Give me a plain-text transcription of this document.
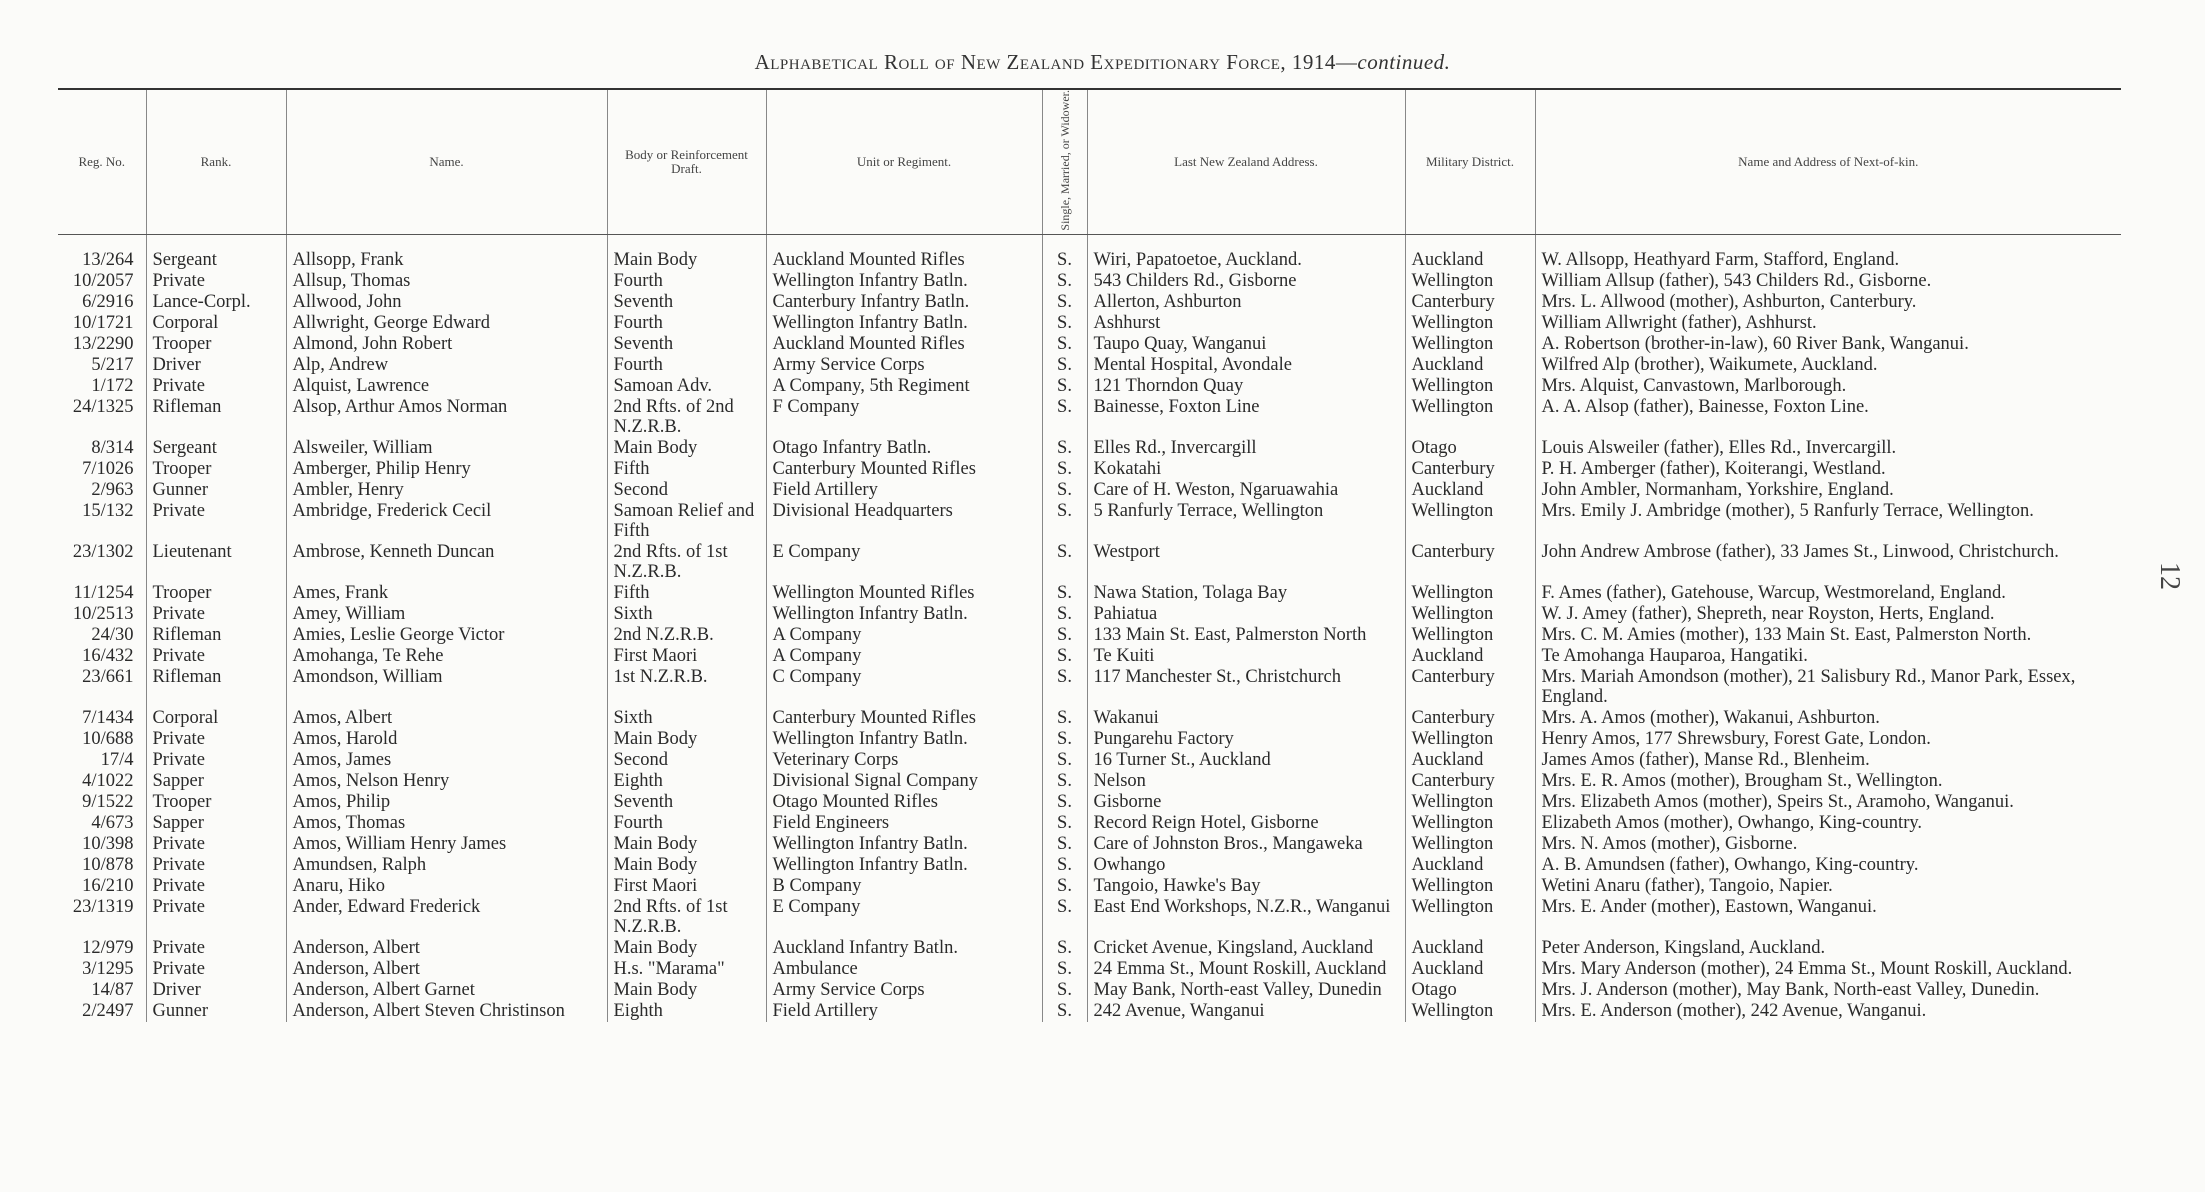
Alphabetical Roll of New Zealand Expeditionary Force, 1914—continued.
12
Reg. No.	Rank.	Name.	Body or Reinforcement Draft.	Unit or Regiment.	Single, Married, or Widower.	Last New Zealand Address.	Military District.	Name and Address of Next-of-kin.

13/264	Sergeant	Allsopp, Frank	Main Body	Auckland Mounted Rifles	S.	Wiri, Papatoetoe, Auckland.	Auckland	W. Allsopp, Heathyard Farm, Stafford, England.
10/2057	Private	Allsup, Thomas	Fourth	Wellington Infantry Batln.	S.	543 Childers Rd., Gisborne	Wellington	William Allsup (father), 543 Childers Rd., Gisborne.
6/2916	Lance-Corpl.	Allwood, John	Seventh	Canterbury Infantry Batln.	S.	Allerton, Ashburton	Canterbury	Mrs. L. Allwood (mother), Ashburton, Canterbury.
10/1721	Corporal	Allwright, George Edward	Fourth	Wellington Infantry Batln.	S.	Ashhurst	Wellington	William Allwright (father), Ashhurst.
13/2290	Trooper	Almond, John Robert	Seventh	Auckland Mounted Rifles	S.	Taupo Quay, Wanganui	Wellington	A. Robertson (brother-in-law), 60 River Bank, Wanganui.
5/217	Driver	Alp, Andrew	Fourth	Army Service Corps	S.	Mental Hospital, Avondale	Auckland	Wilfred Alp (brother), Waikumete, Auckland.
1/172	Private	Alquist, Lawrence	Samoan Adv.	A Company, 5th Regiment	S.	121 Thorndon Quay	Wellington	Mrs. Alquist, Canvastown, Marlborough.
24/1325	Rifleman	Alsop, Arthur Amos Norman	2nd Rfts. of 2nd N.Z.R.B.	F Company	S.	Bainesse, Foxton Line	Wellington	A. A. Alsop (father), Bainesse, Foxton Line.
8/314	Sergeant	Alsweiler, William	Main Body	Otago Infantry Batln.	S.	Elles Rd., Invercargill	Otago	Louis Alsweiler (father), Elles Rd., Invercargill.
7/1026	Trooper	Amberger, Philip Henry	Fifth	Canterbury Mounted Rifles	S.	Kokatahi	Canterbury	P. H. Amberger (father), Koiterangi, Westland.
2/963	Gunner	Ambler, Henry	Second	Field Artillery	S.	Care of H. Weston, Ngaruawahia	Auckland	John Ambler, Normanham, Yorkshire, England.
15/132	Private	Ambridge, Frederick Cecil	Samoan Relief and Fifth	Divisional Headquarters	S.	5 Ranfurly Terrace, Wellington	Wellington	Mrs. Emily J. Ambridge (mother), 5 Ranfurly Terrace, Wellington.
23/1302	Lieutenant	Ambrose, Kenneth Duncan	2nd Rfts. of 1st N.Z.R.B.	E Company	S.	Westport	Canterbury	John Andrew Ambrose (father), 33 James St., Linwood, Christchurch.
11/1254	Trooper	Ames, Frank	Fifth	Wellington Mounted Rifles	S.	Nawa Station, Tolaga Bay	Wellington	F. Ames (father), Gatehouse, Warcup, Westmoreland, England.
10/2513	Private	Amey, William	Sixth	Wellington Infantry Batln.	S.	Pahiatua	Wellington	W. J. Amey (father), Shepreth, near Royston, Herts, England.
24/30	Rifleman	Amies, Leslie George Victor	2nd N.Z.R.B.	A Company	S.	133 Main St. East, Palmerston North	Wellington	Mrs. C. M. Amies (mother), 133 Main St. East, Palmerston North.
16/432	Private	Amohanga, Te Rehe	First Maori	A Company	S.	Te Kuiti	Auckland	Te Amohanga Hauparoa, Hangatiki.
23/661	Rifleman	Amondson, William	1st N.Z.R.B.	C Company	S.	117 Manchester St., Christchurch	Canterbury	Mrs. Mariah Amondson (mother), 21 Salisbury Rd., Manor Park, Essex, England.
7/1434	Corporal	Amos, Albert	Sixth	Canterbury Mounted Rifles	S.	Wakanui	Canterbury	Mrs. A. Amos (mother), Wakanui, Ashburton.
10/688	Private	Amos, Harold	Main Body	Wellington Infantry Batln.	S.	Pungarehu Factory	Wellington	Henry Amos, 177 Shrewsbury, Forest Gate, London.
17/4	Private	Amos, James	Second	Veterinary Corps	S.	16 Turner St., Auckland	Auckland	James Amos (father), Manse Rd., Blenheim.
4/1022	Sapper	Amos, Nelson Henry	Eighth	Divisional Signal Company	S.	Nelson	Canterbury	Mrs. E. R. Amos (mother), Brougham St., Wellington.
9/1522	Trooper	Amos, Philip	Seventh	Otago Mounted Rifles	S.	Gisborne	Wellington	Mrs. Elizabeth Amos (mother), Speirs St., Aramoho, Wanganui.
4/673	Sapper	Amos, Thomas	Fourth	Field Engineers	S.	Record Reign Hotel, Gisborne	Wellington	Elizabeth Amos (mother), Owhango, King-country.
10/398	Private	Amos, William Henry James	Main Body	Wellington Infantry Batln.	S.	Care of Johnston Bros., Mangaweka	Wellington	Mrs. N. Amos (mother), Gisborne.
10/878	Private	Amundsen, Ralph	Main Body	Wellington Infantry Batln.	S.	Owhango	Auckland	A. B. Amundsen (father), Owhango, King-country.
16/210	Private	Anaru, Hiko	First Maori	B Company	S.	Tangoio, Hawke's Bay	Wellington	Wetini Anaru (father), Tangoio, Napier.
23/1319	Private	Ander, Edward Frederick	2nd Rfts. of 1st N.Z.R.B.	E Company	S.	East End Workshops, N.Z.R., Wanganui	Wellington	Mrs. E. Ander (mother), Eastown, Wanganui.
12/979	Private	Anderson, Albert	Main Body	Auckland Infantry Batln.	S.	Cricket Avenue, Kingsland, Auckland	Auckland	Peter Anderson, Kingsland, Auckland.
3/1295	Private	Anderson, Albert	H.s. "Marama"	Ambulance	S.	24 Emma St., Mount Roskill, Auckland	Auckland	Mrs. Mary Anderson (mother), 24 Emma St., Mount Roskill, Auckland.
14/87	Driver	Anderson, Albert Garnet	Main Body	Army Service Corps	S.	May Bank, North-east Valley, Dunedin	Otago	Mrs. J. Anderson (mother), May Bank, North-east Valley, Dunedin.
2/2497	Gunner	Anderson, Albert Steven Christinson	Eighth	Field Artillery	S.	242 Avenue, Wanganui	Wellington	Mrs. E. Anderson (mother), 242 Avenue, Wanganui.
